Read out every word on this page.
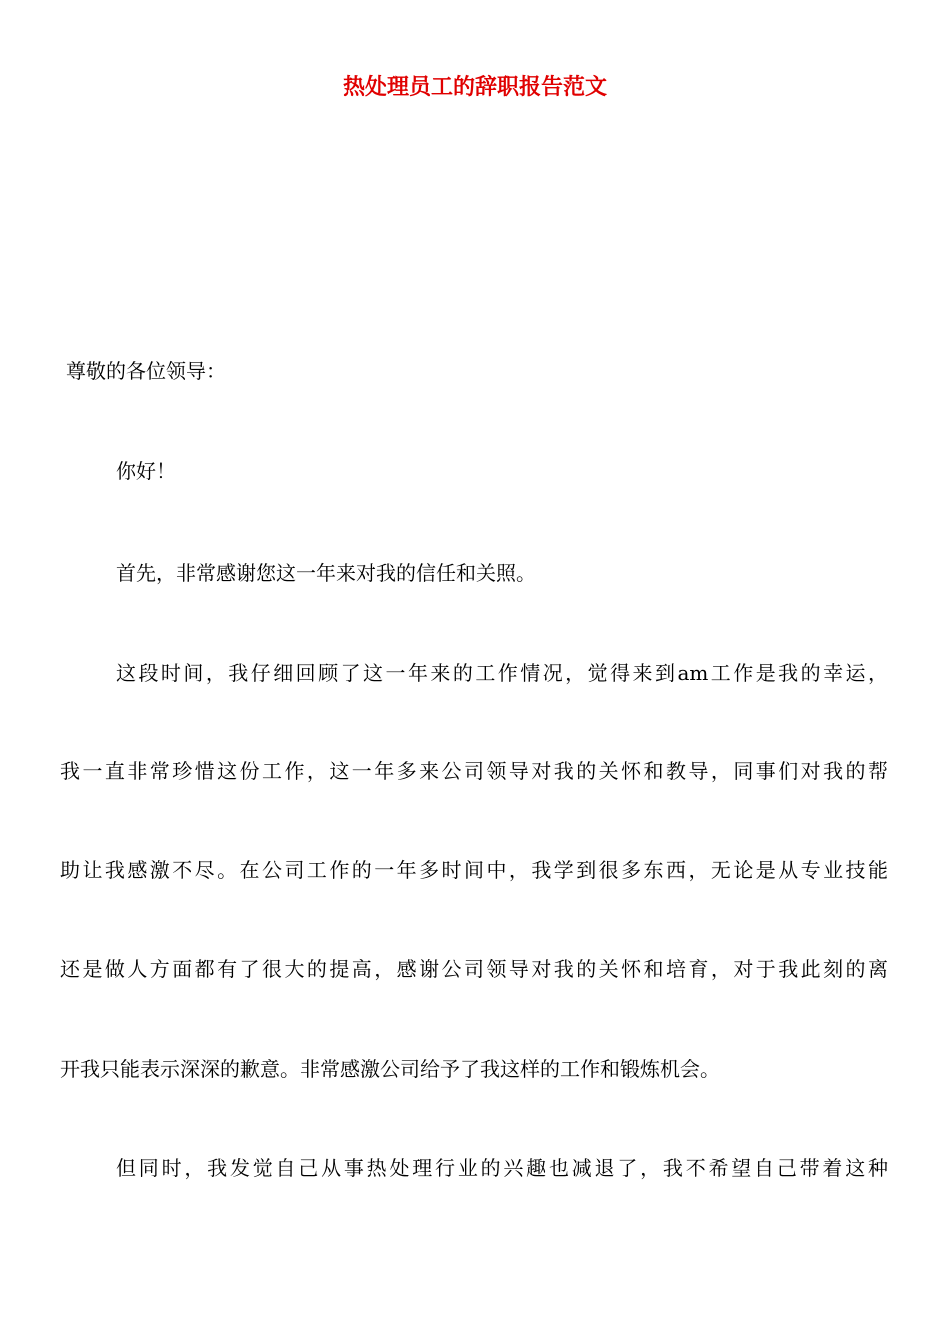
热处理员工的辞职报告范文
尊敬的各位领导：
你好！
首先，非常感谢您这一年来对我的信任和关照。
这段时间，我仔细回顾了这一年来的工作情况，觉得来到am工作是我的幸运，
我一直非常珍惜这份工作，这一年多来公司领导对我的关怀和教导，同事们对我的帮
助让我感激不尽。在公司工作的一年多时间中，我学到很多东西，无论是从专业技能
还是做人方面都有了很大的提高，感谢公司领导对我的关怀和培育，对于我此刻的离
开我只能表示深深的歉意。非常感激公司给予了我这样的工作和锻炼机会。
但同时，我发觉自己从事热处理行业的兴趣也减退了，我不希望自己带着这种
